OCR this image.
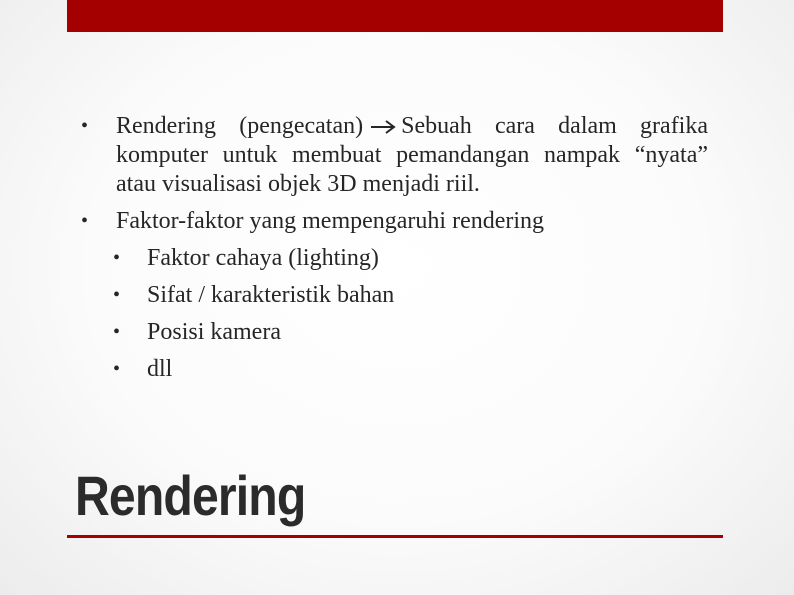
• Rendering (pengecatan) Sebuah cara dalam grafika komputer untuk membuat pemandangan nampak “nyata” atau visualisasi objek 3D menjadi riil.
• Faktor-faktor yang mempengaruhi rendering
• Faktor cahaya (lighting)
• Sifat / karakteristik bahan
• Posisi kamera
• dll
Rendering
